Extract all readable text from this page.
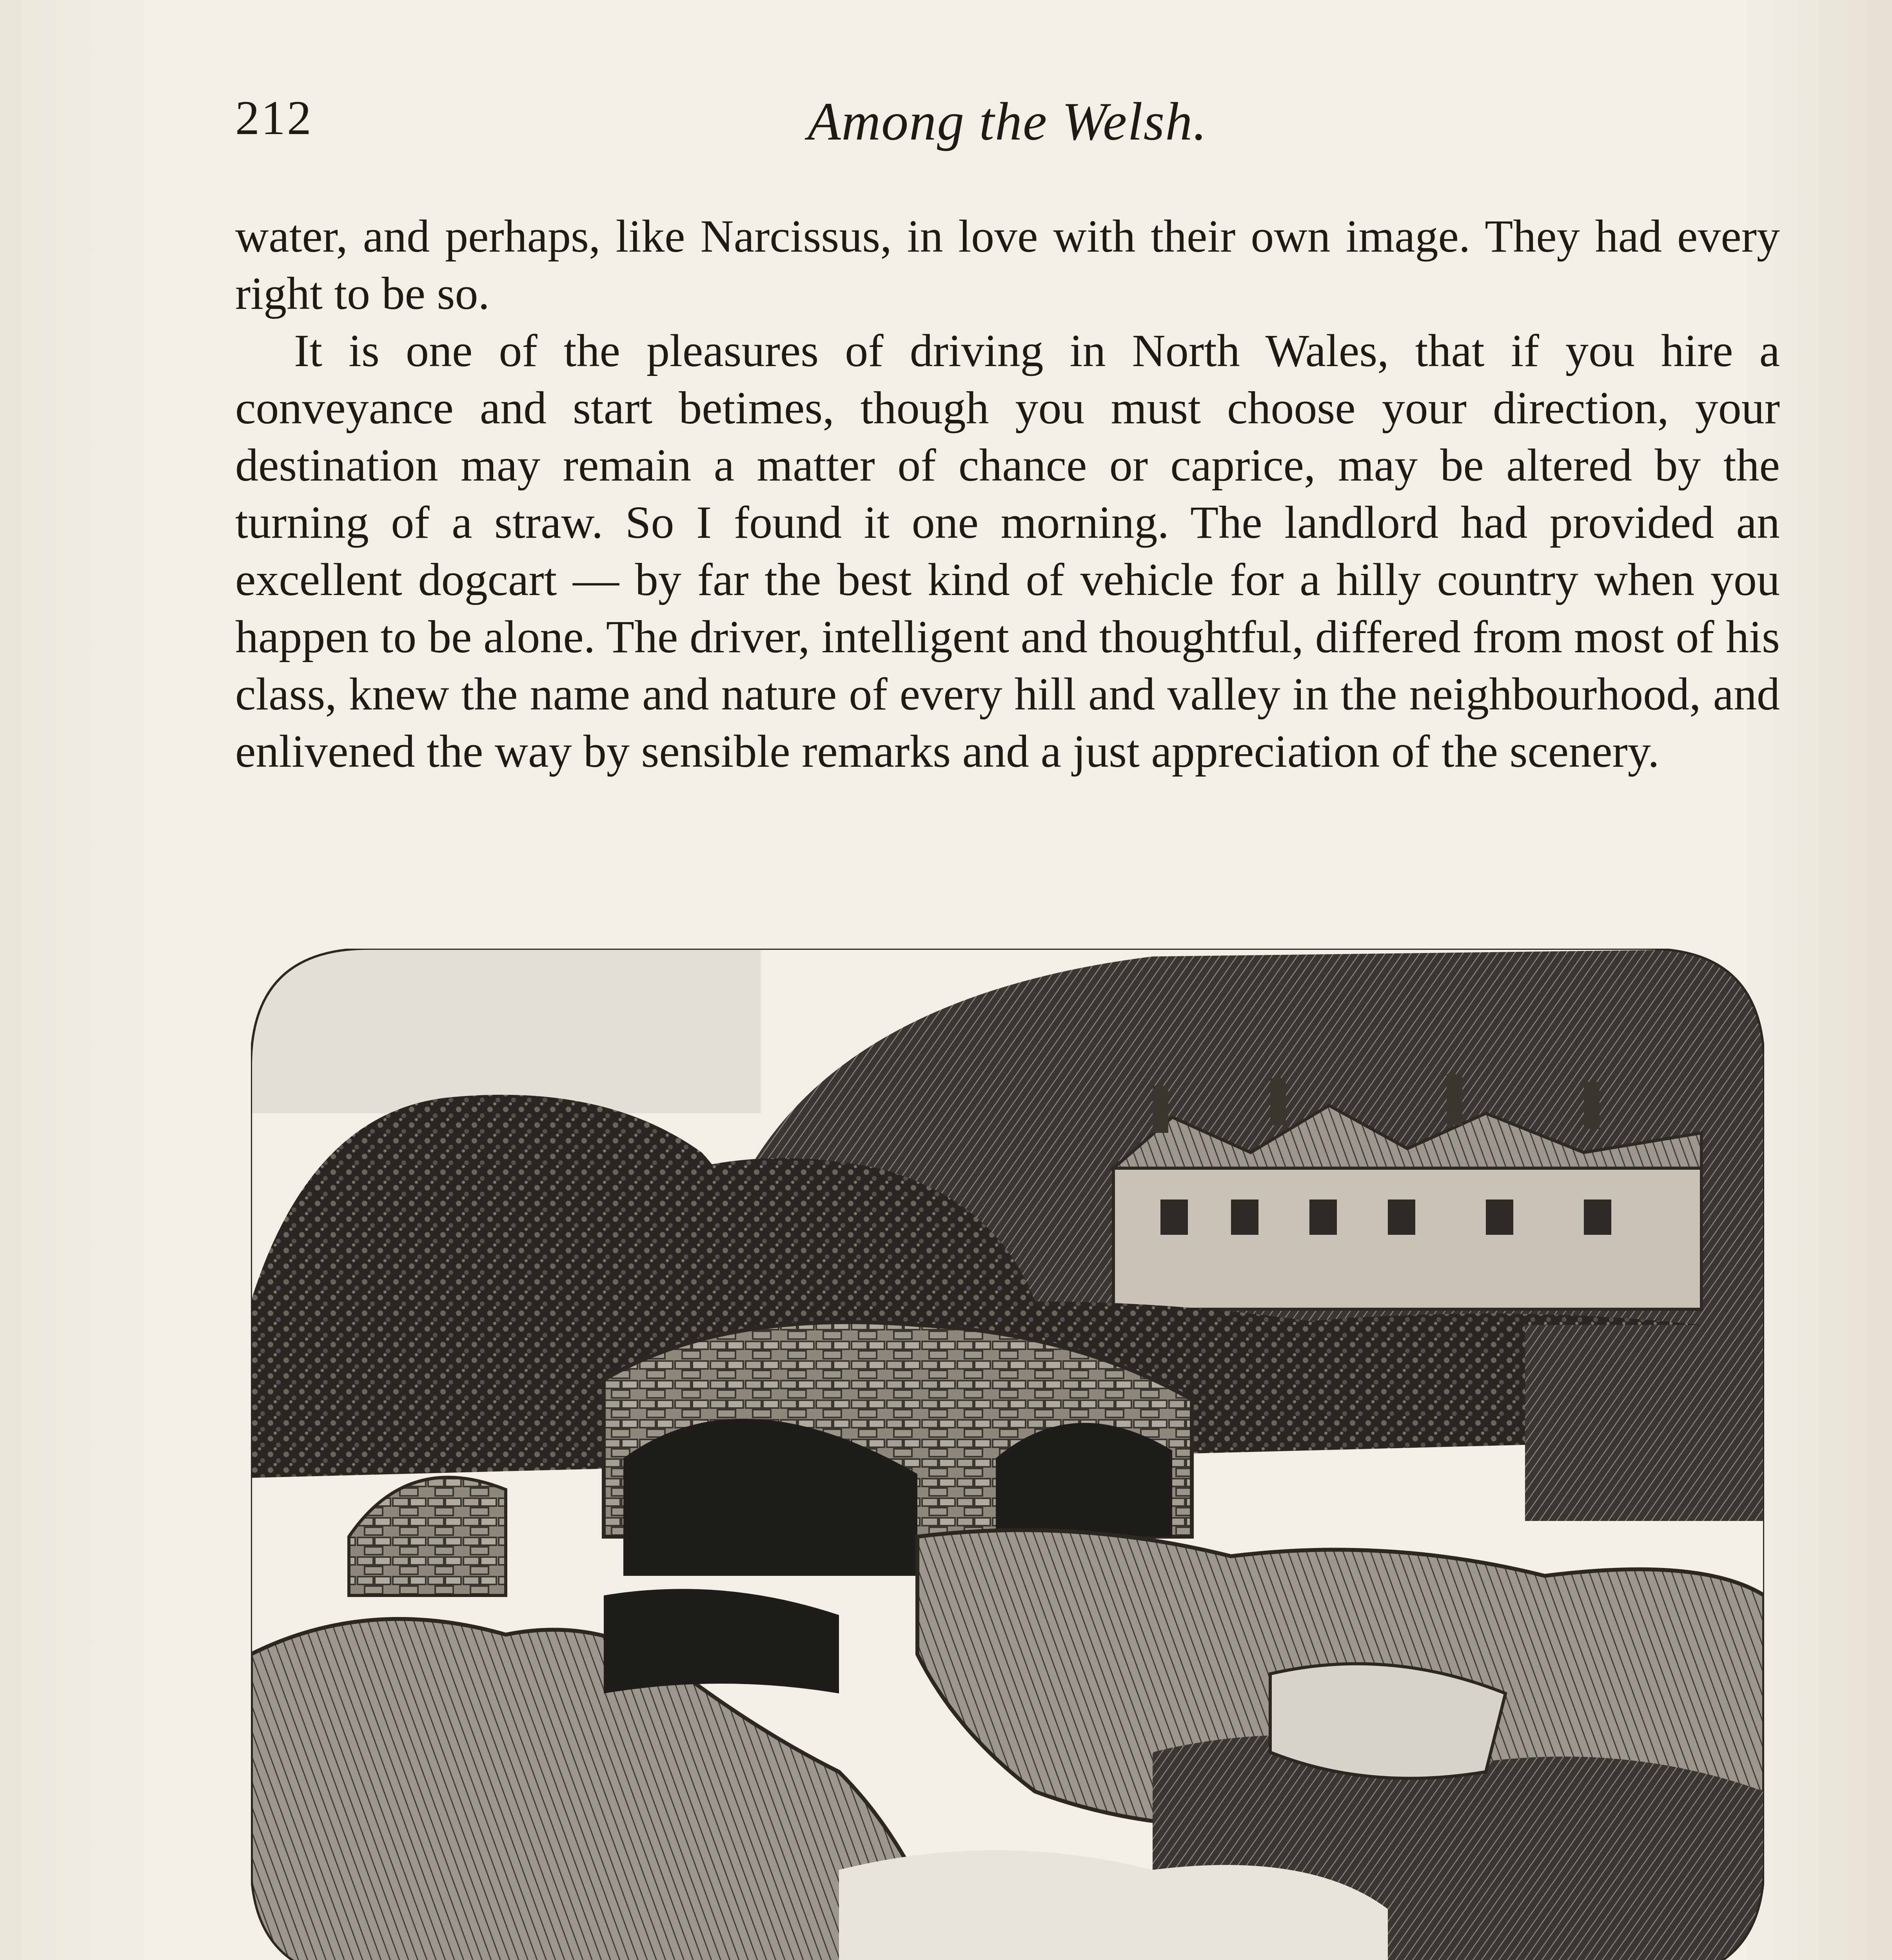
212	Among the Welsh.

water, and perhaps, like Narcissus, in love with their own image. They had every right to be so.

It is one of the pleasures of driving in North Wales, that if you hire a conveyance and start betimes, though you must choose your direction, your destination may remain a matter of chance or caprice, may be altered by the turning of a straw. So I found it one morning. The landlord had provided an excellent dogcart — by far the best kind of vehicle for a hilly country when you happen to be alone. The driver, intelligent and thoughtful, differed from most of his class, knew the name and nature of every hill and valley in the neighbourhood, and enlivened the way by sensible remarks and a just appreciation of the scenery.
